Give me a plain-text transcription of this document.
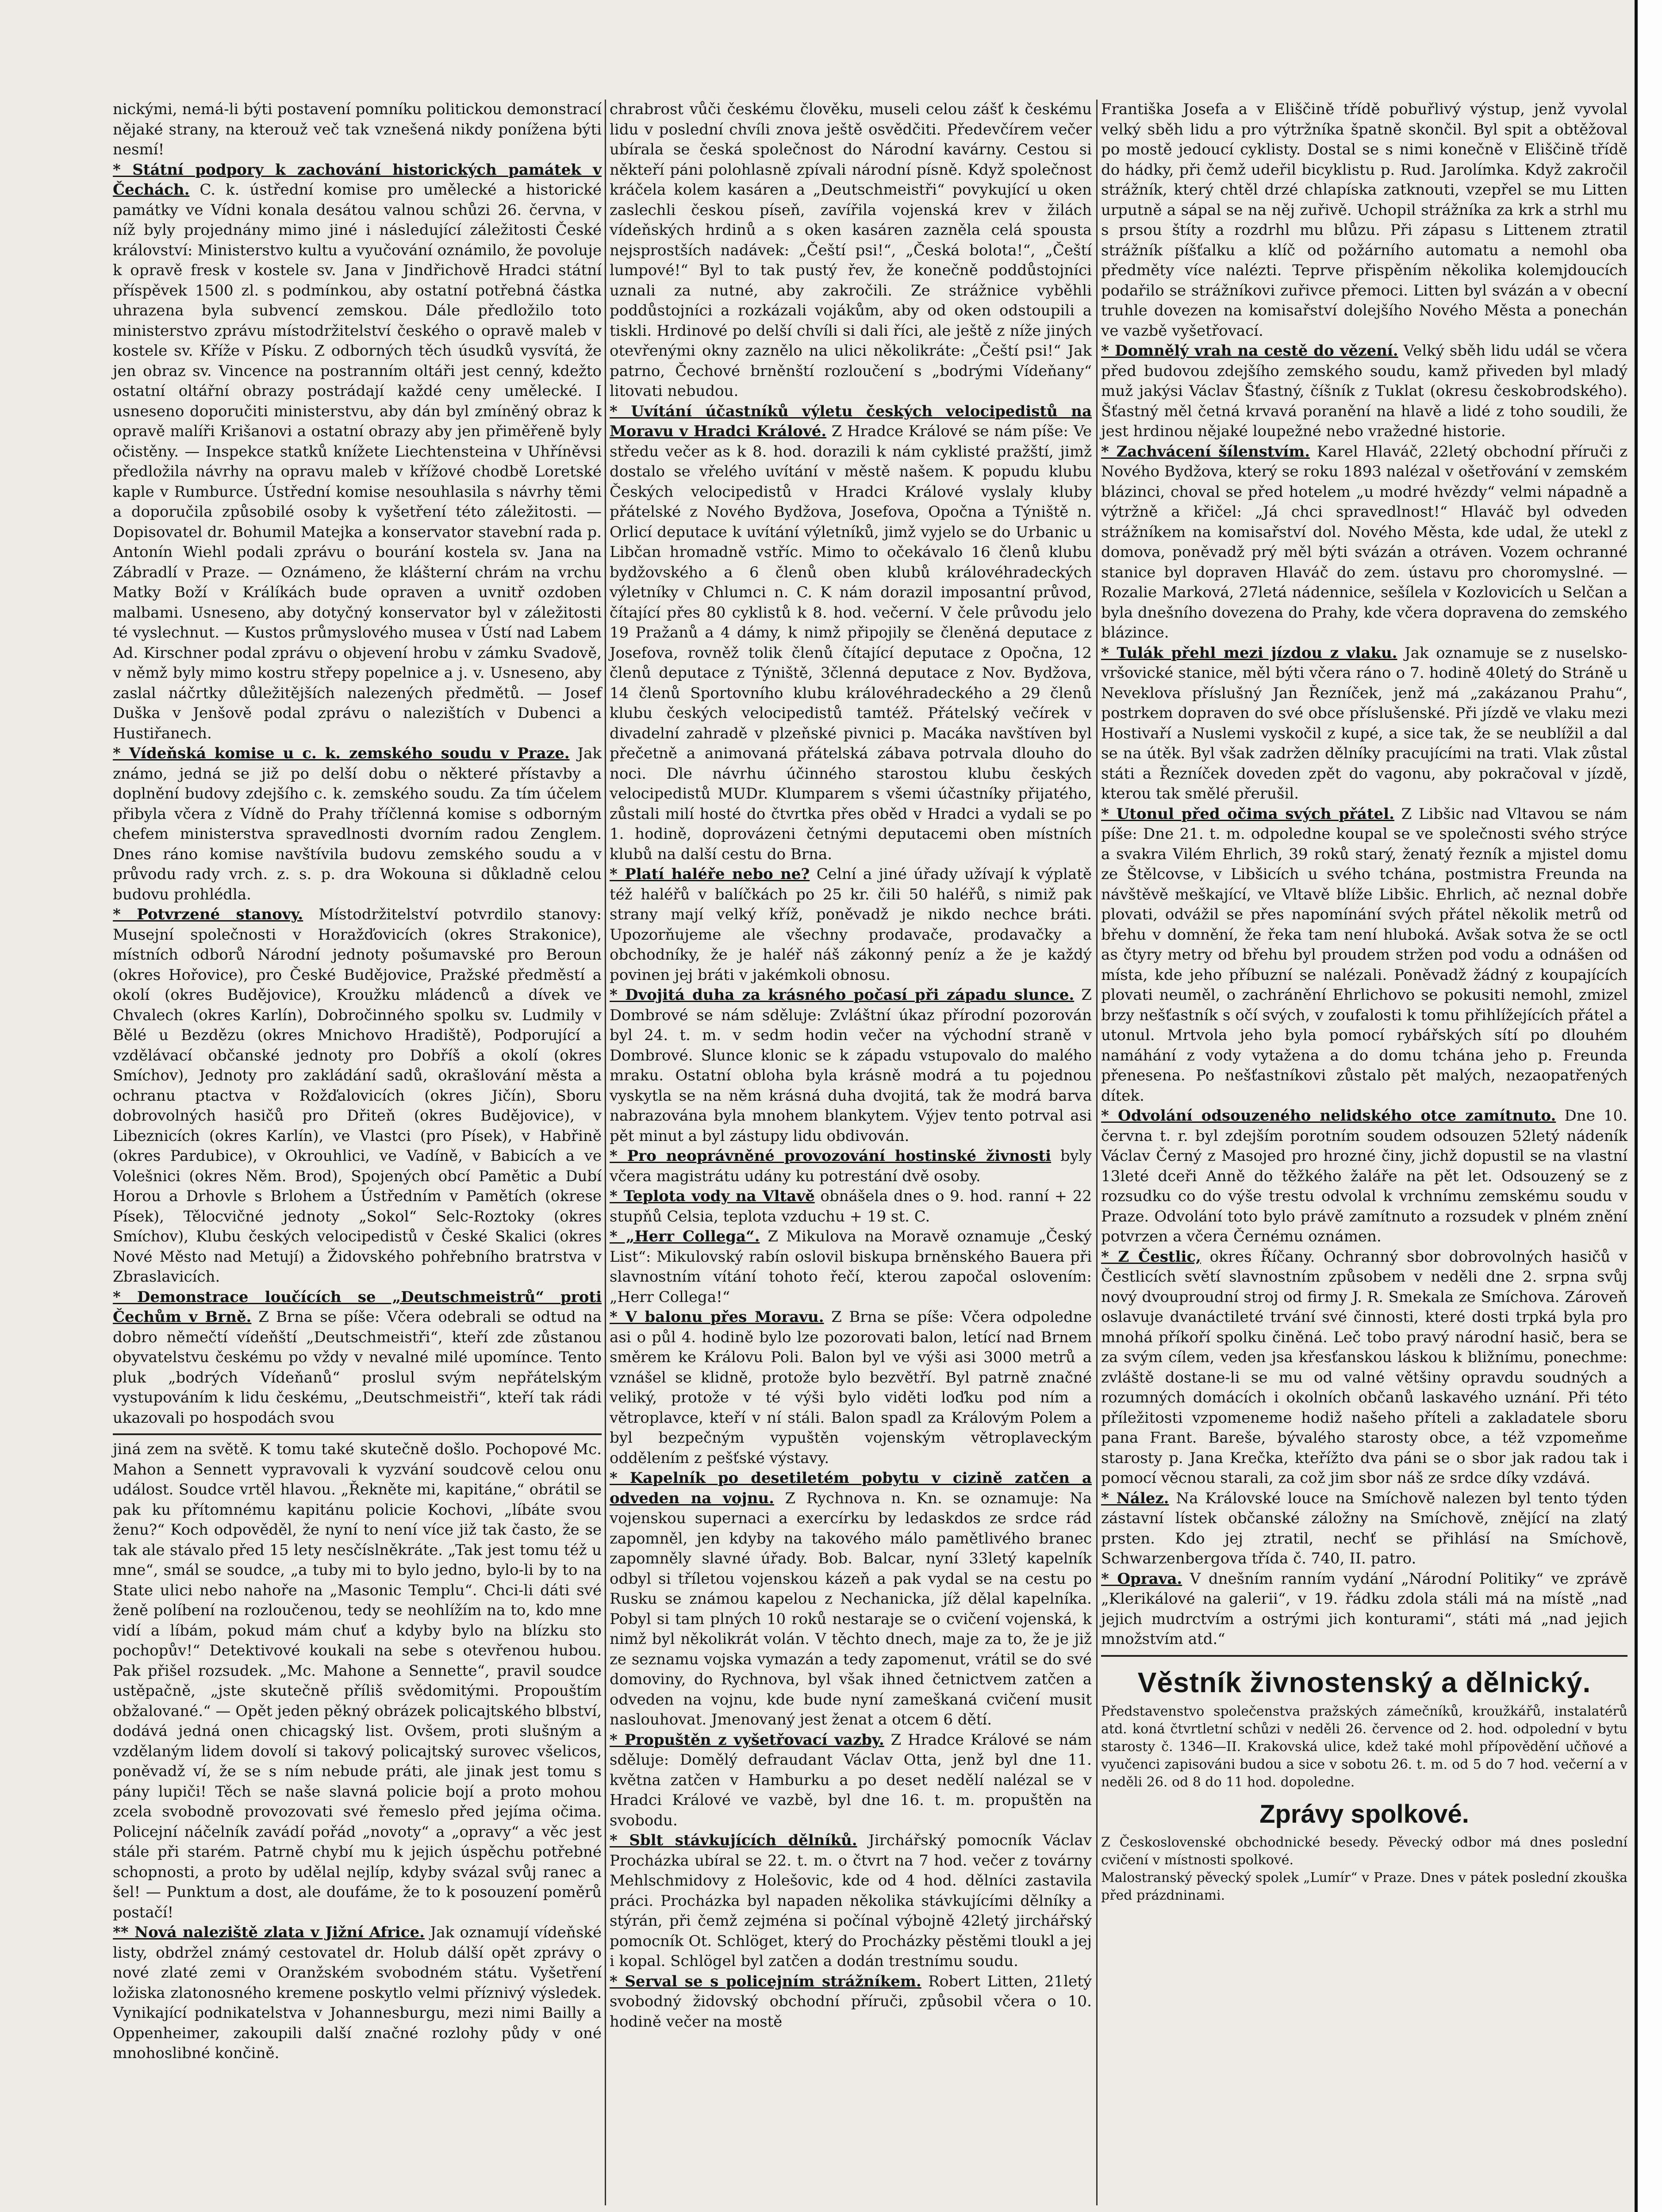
nickými, nemá-li býti postavení pomníku politickou demonstrací nějaké strany, na kterouž več tak vznešená nikdy ponížena býti nesmí!

* Státní podpory k zachování historických památek v Čechách. C. k. ústřední komise pro umělecké a historické památky ve Vídni konala desátou valnou schůzi 26. června, v níž byly projednány mimo jiné i následující záležitosti České království: Ministerstvo kultu a vyučování oznámilo, že povoluje k opravě fresk v kostele sv. Jana v Jindřichově Hradci státní příspěvek 1500 zl. s podmínkou, aby ostatní potřebná částka uhrazena byla subvencí zemskou. Dále předložilo toto ministerstvo zprávu místodržitelství českého o opravě maleb v kostele sv. Kříže v Písku. Z odborných těch úsudků vysvítá, že jen obraz sv. Vincence na postranním oltáři jest cenný, kdežto ostatní oltářní obrazy postrádají každé ceny umělecké. I usneseno doporučiti ministerstvu, aby dán byl zmíněný obraz k opravě malíři Krišanovi a ostatní obrazy aby jen přiměřeně byly očistěny. — Inspekce statků knížete Liechtensteina v Uhříněvsi předložila návrhy na opravu maleb v křížové chodbě Loretské kaple v Rumburce. Ústřední komise nesouhlasila s návrhy těmi a doporučila způsobilé osoby k vyšetření této záležitosti. — Dopisovatel dr. Bohumil Matejka a konservator stavební rada p. Antonín Wiehl podali zprávu o bourání kostela sv. Jana na Zábradlí v Praze. — Oznámeno, že klášterní chrám na vrchu Matky Boží v Králíkách bude opraven a uvnitř ozdoben malbami. Usneseno, aby dotyčný konservator byl v záležitosti té vyslechnut. — Kustos průmyslového musea v Ústí nad Labem Ad. Kirschner podal zprávu o objevení hrobu v zámku Svadově, v němž byly mimo kostru střepy popelnice a j. v. Usneseno, aby zaslal náčrtky důležitějších nalezených předmětů. — Josef Duška v Jenšově podal zprávu o nalezištích v Dubenci a Hustiřanech.

* Vídeňská komise u c. k. zemského soudu v Praze. Jak známo, jedná se již po delší dobu o některé přístavby a doplnění budovy zdejšího c. k. zemského soudu. Za tím účelem přibyla včera z Vídně do Prahy tříčlenná komise s odborným chefem ministerstva spravedlnosti dvorním radou Zenglem. Dnes ráno komise navštívila budovu zemského soudu a v průvodu rady vrch. z. s. p. dra Wokouna si důkladně celou budovu prohlédla.

* Potvrzené stanovy. Místodržitelství potvrdilo stanovy: Musejní společnosti v Horažďovicích (okres Strakonice), místních odborů Národní jednoty pošumavské pro Beroun (okres Hořovice), pro České Budějovice, Pražské předměstí a okolí (okres Budějovice), Kroužku mládenců a dívek ve Chvalech (okres Karlín), Dobročinného spolku sv. Ludmily v Bělé u Bezdězu (okres Mnichovo Hradiště), Podporující a vzdělávací občanské jednoty pro Dobříš a okolí (okres Smíchov), Jednoty pro zakládání sadů, okrašlování města a ochranu ptactva v Rožďalovicích (okres Jičín), Sboru dobrovolných hasičů pro Dřiteň (okres Budějovice), v Libeznicích (okres Karlín), ve Vlastci (pro Písek), v Habřině (okres Pardubice), v Okrouhlici, ve Vadíně, v Babicích a ve Volešnici (okres Něm. Brod), Spojených obcí Pamětic a Dubí Horou a Drhovle s Brlohem a Ústředním v Pamětích (okrese Písek), Tělocvičné jednoty „Sokol“ Selc-Roztoky (okres Smíchov), Klubu českých velocipedistů v České Skalici (okres Nové Město nad Metují) a Židovského pohřebního bratrstva v Zbraslavicích.

* Demonstrace loučících se „Deutschmeistrů“ proti Čechům v Brně. Z Brna se píše: Včera odebrali se odtud na dobro němečtí vídeňští „Deutschmeistři“, kteří zde zůstanou obyvatelstvu českému po vždy v nevalné milé upomínce. Tento pluk „bodrých Vídeňanů“ proslul svým nepřátelským vystupováním k lidu českému, „Deutschmeistři“, kteří tak rádi ukazovali po hospodách svou

jiná zem na světě. K tomu také skutečně došlo. Pochopové Mc. Mahon a Sennett vypravovali k vyzvání soudcově celou onu událost. Soudce vrtěl hlavou. „Řekněte mi, kapitáne,“ obrátil se pak ku přítomnému kapitánu policie Kochovi, „líbáte svou ženu?“ Koch odpověděl, že nyní to není více již tak často, že se tak ale stávalo před 15 lety nesčíslněkráte. „Tak jest tomu též u mne“, smál se soudce, „a tuby mi to bylo jedno, bylo-li by to na State ulici nebo nahoře na „Masonic Templu“. Chci-li dáti své ženě políbení na rozloučenou, tedy se neohlížím na to, kdo mne vidí a líbám, pokud mám chuť a kdyby bylo na blízku sto pochopův!“ Detektivové koukali na sebe s otevřenou hubou. Pak přišel rozsudek. „Mc. Mahone a Sennette“, pravil soudce ustěpačně, „jste skutečně příliš svědomitými. Propouštím obžalované.“ — Opět jeden pěkný obrázek policajtského blbství, dodává jedná onen chicagský list. Ovšem, proti slušným a vzdělaným lidem dovolí si takový policajtský surovec všelicos, poněvadž ví, že se s ním nebude práti, ale jinak jest tomu s pány lupiči! Těch se naše slavná policie bojí a proto mohou zcela svobodně provozovati své řemeslo před jejíma očima. Policejní náčelník zavádí pořád „novoty“ a „opravy“ a věc jest stále při starém. Patrně chybí mu k jejich úspěchu potřebné schopnosti, a proto by udělal nejlíp, kdyby svázal svůj ranec a šel! — Punktum a dost, ale doufáme, že to k posouzení poměrů postačí!

** Nová naleziště zlata v Jižní Africe. Jak oznamují vídeňské listy, obdržel známý cestovatel dr. Holub dálší opět zprávy o nové zlaté zemi v Oranžském svobodném státu. Vyšetření ložiska zlatonosného kremene poskytlo velmi příznivý výsledek. Vynikající podnikatelstva v Johannesburgu, mezi nimi Bailly a Oppenheimer, zakoupili další značné rozlohy půdy v oné mnohoslibné končině.

chrabrost vůči českému člověku, museli celou zášť k českému lidu v poslední chvíli znova ještě osvědčiti. Předevčírem večer ubírala se česká společnost do Národní kavárny. Cestou si někteří páni polohlasně zpívali národní písně. Když společnost kráčela kolem kasáren a „Deutschmeistři“ povykující u oken zaslechli českou píseň, zavířila vojenská krev v žilách vídeňských hrdinů a s oken kasáren zazněla celá spousta nejsprostších nadávek: „Čeští psi!“, „Česká bolota!“, „Čeští lumpové!“ Byl to tak pustý řev, že konečně poddůstojníci uznali za nutné, aby zakročili. Ze strážnice vyběhli poddůstojníci a rozkázali vojákům, aby od oken odstoupili a tiskli. Hrdinové po delší chvíli si dali říci, ale ještě z níže jiných otevřenými okny zaznělo na ulici několikráte: „Čeští psi!“ Jak patrno, Čechové brněnští rozloučení s „bodrými Vídeňany“ litovati nebudou.

* Uvítání účastníků výletu českých velocipedistů na Moravu v Hradci Králové. Z Hradce Králové se nám píše: Ve středu večer as k 8. hod. dorazili k nám cyklisté pražští, jimž dostalo se vřelého uvítání v městě našem. K popudu klubu Českých velocipedistů v Hradci Králové vyslaly kluby přátelské z Nového Bydžova, Josefova, Opočna a Týniště n. Orlicí deputace k uvítání výletníků, jimž vyjelo se do Urbanic u Libčan hromadně vstříc. Mimo to očekávalo 16 členů klubu bydžovského a 6 členů oben klubů královéhradeckých výletníky v Chlumci n. C. K nám dorazil imposantní průvod, čítající přes 80 cyklistů k 8. hod. večerní. V čele průvodu jelo 19 Pražanů a 4 dámy, k nimž připojily se členěná deputace z Josefova, rovněž tolik členů čítající deputace z Opočna, 12 členů deputace z Týniště, 3členná deputace z Nov. Bydžova, 14 členů Sportovního klubu královéhradeckého a 29 členů klubu českých velocipedistů tamtéž. Přátelský večírek v divadelní zahradě v plzeňské pivnici p. Macáka navštíven byl přečetně a animovaná přátelská zábava potrvala dlouho do noci. Dle návrhu účinného starostou klubu českých velocipedistů MUDr. Klumparem s všemi účastníky přijatého, zůstali milí hosté do čtvrtka přes oběd v Hradci a vydali se po 1. hodině, doprovázeni četnými deputacemi oben místních klubů na další cestu do Brna.

* Platí haléře nebo ne? Celní a jiné úřady užívají k výplatě též haléřů v balíčkách po 25 kr. čili 50 haléřů, s nimiž pak strany mají velký kříž, poněvadž je nikdo nechce bráti. Upozorňujeme ale všechny prodavače, prodavačky a obchodníky, že je haléř náš zákonný peníz a že je každý povinen jej bráti v jakémkoli obnosu.

* Dvojitá duha za krásného počasí při západu slunce. Z Dombrové se nám sděluje: Zvláštní úkaz přírodní pozorován byl 24. t. m. v sedm hodin večer na východní straně v Dombrové. Slunce klonic se k západu vstupovalo do malého mraku. Ostatní obloha byla krásně modrá a tu pojednou vyskytla se na něm krásná duha dvojitá, tak že modrá barva nabrazována byla mnohem blankytem. Výjev tento potrval asi pět minut a byl zástupy lidu obdivován.

* Pro neoprávněné provozování hostinské živnosti byly včera magistrátu udány ku potrestání dvě osoby.

* Teplota vody na Vltavě obnášela dnes o 9. hod. ranní + 22 stupňů Celsia, teplota vzduchu + 19 st. C.

* „Herr Collega“. Z Mikulova na Moravě oznamuje „Český List“: Mikulovský rabín oslovil biskupa brněnského Bauera při slavnostním vítání tohoto řečí, kterou započal oslovením: „Herr Collega!“

* V balonu přes Moravu. Z Brna se píše: Včera odpoledne asi o půl 4. hodině bylo lze pozorovati balon, letící nad Brnem směrem ke Královu Poli. Balon byl ve výši asi 3000 metrů a vznášel se klidně, protože bylo bezvětří. Byl patrně značné veliký, protože v té výši bylo viděti loďku pod ním a větroplavce, kteří v ní stáli. Balon spadl za Královým Polem a byl bezpečným vypuštěn vojenským větroplaveckým oddělením z pešťské výstavy.

* Kapelník po desetiletém pobytu v cizině zatčen a odveden na vojnu. Z Rychnova n. Kn. se oznamuje: Na vojenskou supernaci a exercírku by ledaskdos ze srdce rád zapomněl, jen kdyby na takového málo pamětlivého branec zapomněly slavné úřady. Bob. Balcar, nyní 33letý kapelník odbyl si tříletou vojenskou kázeň a pak vydal se na cestu po Rusku se známou kapelou z Nechanicka, jíž dělal kapelníka. Pobyl si tam plných 10 roků nestaraje se o cvičení vojenská, k nimž byl několikrát volán. V těchto dnech, maje za to, že je již ze seznamu vojska vymazán a tedy zapomenut, vrátil se do své domoviny, do Rychnova, byl však ihned četnictvem zatčen a odveden na vojnu, kde bude nyní zameškaná cvičení musit naslouhovat. Jmenovaný jest ženat a otcem 6 dětí.

* Propuštěn z vyšetřovací vazby. Z Hradce Králové se nám sděluje: Domělý defraudant Václav Otta, jenž byl dne 11. května zatčen v Hamburku a po deset nedělí nalézal se v Hradci Králové ve vazbě, byl dne 16. t. m. propuštěn na svobodu.

* Sblt stávkujících dělníků. Jirchářský pomocník Václav Procházka ubíral se 22. t. m. o čtvrt na 7 hod. večer z továrny Mehlschmidovy z Holešovic, kde od 4 hod. dělníci zastavila práci. Procházka byl napaden několika stávkujícími dělníky a stýrán, při čemž zejména si počínal výbojně 42letý jirchářský pomocník Ot. Schlöget, který do Procházky pěstěmi tloukl a jej i kopal. Schlögel byl zatčen a dodán trestnímu soudu.

* Serval se s policejním strážníkem. Robert Litten, 21letý svobodný židovský obchodní příruči, způsobil včera o 10. hodině večer na mostě

Františka Josefa a v Eliščině třídě pobuřlivý výstup, jenž vyvolal velký sběh lidu a pro výtržníka špatně skončil. Byl spit a obtěžoval po mostě jedoucí cyklisty. Dostal se s nimi konečně v Eliščině třídě do hádky, při čemž udeřil bicyklistu p. Rud. Jarolímka. Když zakročil strážník, který chtěl drzé chlapíska zatknouti, vzepřel se mu Litten urputně a sápal se na něj zuřivě. Uchopil strážníka za krk a strhl mu s prsou štíty a rozdrhl mu blůzu. Při zápasu s Littenem ztratil strážník píšťalku a klíč od požárního automatu a nemohl oba předměty více nalézti. Teprve přispěním několika kolemjdoucích podařilo se strážníkovi zuřivce přemoci. Litten byl svázán a v obecní truhle dovezen na komisařství dolejšího Nového Města a ponechán ve vazbě vyšetřovací.

* Domnělý vrah na cestě do vězení. Velký sběh lidu udál se včera před budovou zdejšího zemského soudu, kamž přiveden byl mladý muž jakýsi Václav Šťastný, číšník z Tuklat (okresu českobrodského). Šťastný měl četná krvavá poranění na hlavě a lidé z toho soudili, že jest hrdinou nějaké loupežné nebo vražedné historie.

* Zachvácení šílenstvím. Karel Hlaváč, 22letý obchodní příruči z Nového Bydžova, který se roku 1893 nalézal v ošetřování v zemském blázinci, choval se před hotelem „u modré hvězdy“ velmi nápadně a výtržně a křičel: „Já chci spravedlnost!“ Hlaváč byl odveden strážníkem na komisařství dol. Nového Města, kde udal, že utekl z domova, poněvadž prý měl býti svázán a otráven. Vozem ochranné stanice byl dopraven Hlaváč do zem. ústavu pro choromyslné. — Rozalie Marková, 27letá nádennice, sešílela v Kozlovicích u Selčan a byla dnešního dovezena do Prahy, kde včera dopravena do zemského blázince.

* Tulák přehl mezi jízdou z vlaku. Jak oznamuje se z nuselsko-vršovické stanice, měl býti včera ráno o 7. hodině 40letý do Stráně u Neveklova příslušný Jan Řezníček, jenž má „zakázanou Prahu“, postrkem dopraven do své obce příslušenské. Při jízdě ve vlaku mezi Hostivaří a Nuslemi vyskočil z kupé, a sice tak, že se neublížil a dal se na útěk. Byl však zadržen dělníky pracujícími na trati. Vlak zůstal státi a Řezníček doveden zpět do vagonu, aby pokračoval v jízdě, kterou tak smělé přerušil.

* Utonul před očima svých přátel. Z Libšic nad Vltavou se nám píše: Dne 21. t. m. odpoledne koupal se ve společnosti svého strýce a svakra Vilém Ehrlich, 39 roků starý, ženatý řezník a mjistel domu ze Štělcovse, v Libšicích u svého tchána, postmistra Freunda na návštěvě meškající, ve Vltavě blíže Libšic. Ehrlich, ač neznal dobře plovati, odvážil se přes napomínání svých přátel několik metrů od břehu v domnění, že řeka tam není hluboká. Avšak sotva že se octl as čtyry metry od břehu byl proudem stržen pod vodu a odnášen od místa, kde jeho příbuzní se nalézali. Poněvadž žádný z koupajících plovati neuměl, o zachránění Ehrlichovo se pokusiti nemohl, zmizel brzy nešťastník s očí svých, v zoufalosti k tomu přihlížejících přátel a utonul. Mrtvola jeho byla pomocí rybářských sítí po dlouhém namáhání z vody vytažena a do domu tchána jeho p. Freunda přenesena. Po nešťastníkovi zůstalo pět malých, nezaopatřených dítek.

* Odvolání odsouzeného nelidského otce zamítnuto. Dne 10. června t. r. byl zdejším porotním soudem odsouzen 52letý nádeník Václav Černý z Masojed pro hrozné činy, jichž dopustil se na vlastní 13leté dceři Anně do těžkého žaláře na pět let. Odsouzený se z rozsudku co do výše trestu odvolal k vrchnímu zemskému soudu v Praze. Odvolání toto bylo právě zamítnuto a rozsudek v plném znění potvrzen a včera Černému oznámen.

* Z Čestlic, okres Říčany. Ochranný sbor dobrovolných hasičů v Čestlicích světí slavnostním způsobem v neděli dne 2. srpna svůj nový dvouproudní stroj od firmy J. R. Smekala ze Smíchova. Zároveň oslavuje dvanáctileté trvání své činnosti, které dosti trpká byla pro mnohá příkoří spolku činěná. Leč tobo pravý národní hasič, bera se za svým cílem, veden jsa křesťanskou láskou k bližnímu, ponechme: zvláště dostane-li se mu od valné většiny opravdu soudných a rozumných domácích i okolních občanů laskavého uznání. Při této příležitosti vzpomeneme hodiž našeho příteli a zakladatele sboru pana Frant. Bareše, bývalého starosty obce, a též vzpomeňme starosty p. Jana Krečka, kteřížto dva páni se o sbor jak radou tak i pomocí věcnou starali, za což jim sbor náš ze srdce díky vzdává.

* Nález. Na Královské louce na Smíchově nalezen byl tento týden zástavní lístek občanské záložny na Smíchově, znějící na zlatý prsten. Kdo jej ztratil, nechť se přihlásí na Smíchově, Schwarzenbergova třída č. 740, II. patro.

* Oprava. V dnešním ranním vydání „Národní Politiky“ ve zprávě „Klerikálové na galerii“, v 19. řádku zdola stáli má na místě „nad jejich mudrctvím a ostrými jich konturami“, státi má „nad jejich množstvím atd.“

Věstník živnostenský a dělnický.

Představenstvo společenstva pražských zámečníků, kroužkářů, instalatérů atd. koná čtvrtletní schůzi v neděli 26. července od 2. hod. odpolední v bytu starosty č. 1346—II. Krakovská ulice, kdež také mohl přípovědění učňové a vyučenci zapisováni budou a sice v sobotu 26. t. m. od 5 do 7 hod. večerní a v neděli 26. od 8 do 11 hod. dopoledne.

Zprávy spolkové.

Z Československé obchodnické besedy. Pěvecký odbor má dnes poslední cvičení v místnosti spolkové.

Malostranský pěvecký spolek „Lumír“ v Praze. Dnes v pátek poslední zkouška před prázdninami.
